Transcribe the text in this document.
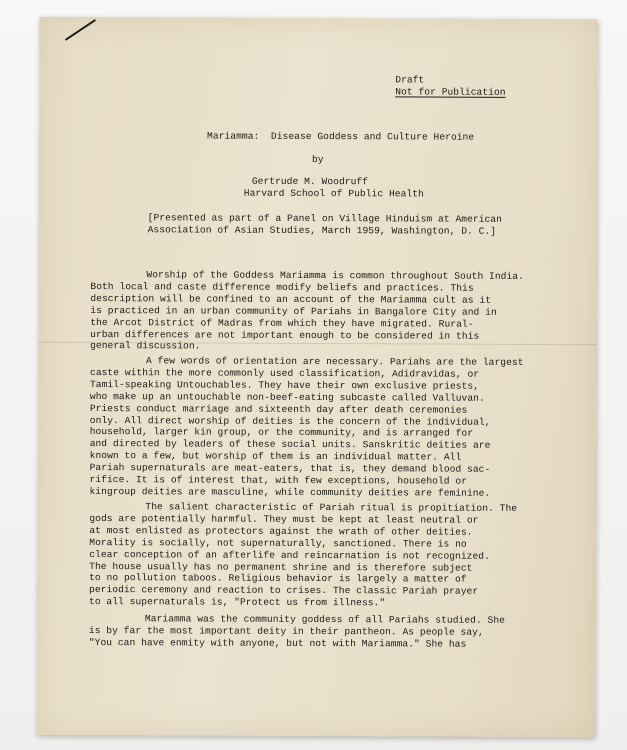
Draft
Not for Publication
Mariamma:  Disease Goddess and Culture Heroine
by
Gertrude M. Woodruff
Harvard School of Public Health
[Presented as part of a Panel on Village Hinduism at American
Association of Asian Studies, March 1959, Washington, D. C.]
Worship of the Goddess Mariamma is common throughout South India.
Both local and caste difference modify beliefs and practices. This
description will be confined to an account of the Mariamma cult as it
is practiced in an urban community of Pariahs in Bangalore City and in
the Arcot District of Madras from which they have migrated. Rural-
urban differences are not important enough to be considered in this
general discussion.
A few words of orientation are necessary. Pariahs are the largest
caste within the more commonly used classification, Adidravidas, or
Tamil-speaking Untouchables. They have their own exclusive priests,
who make up an untouchable non-beef-eating subcaste called Valluvan.
Priests conduct marriage and sixteenth day after death ceremonies
only. All direct worship of deities is the concern of the individual,
household, larger kin group, or the community, and is arranged for
and directed by leaders of these social units. Sanskritic deities are
known to a few, but worship of them is an individual matter. All
Pariah supernaturals are meat-eaters, that is, they demand blood sac-
rifice. It is of interest that, with few exceptions, household or
kingroup deities are masculine, while community deities are feminine.
The salient characteristic of Pariah ritual is propitiation. The
gods are potentially harmful. They must be kept at least neutral or
at most enlisted as protectors against the wrath of other deities.
Morality is socially, not supernaturally, sanctioned. There is no
clear conception of an afterlife and reincarnation is not recognized.
The house usually has no permanent shrine and is therefore subject
to no pollution taboos. Religious behavior is largely a matter of
periodic ceremony and reaction to crises. The classic Pariah prayer
to all supernaturals is, "Protect us from illness."
Mariamma was the community goddess of all Pariahs studied. She
is by far the most important deity in their pantheon. As people say,
"You can have enmity with anyone, but not with Mariamma." She has
